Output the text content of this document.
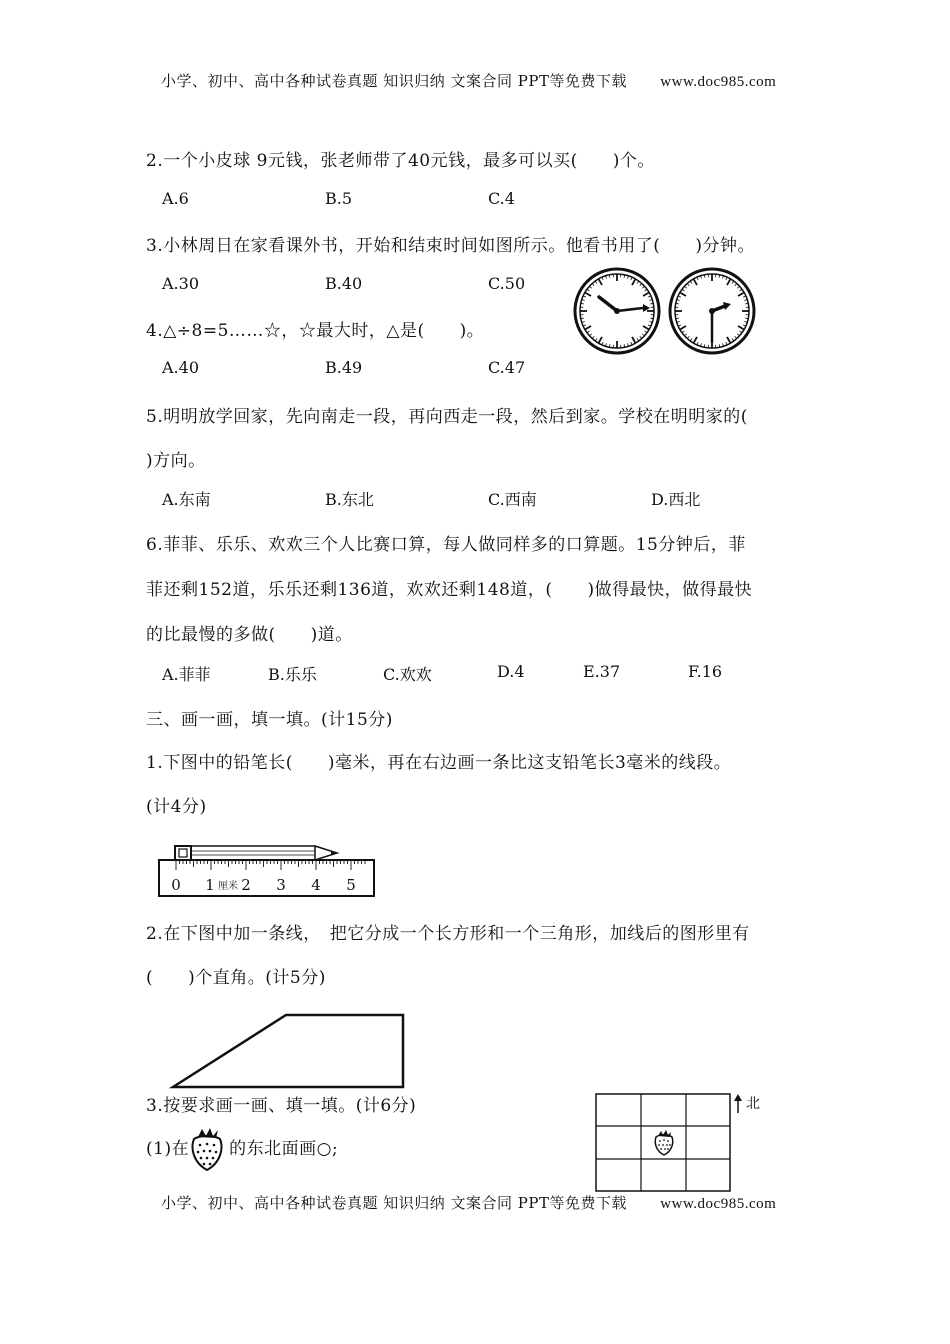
小学、初中、高中各种试卷真题 知识归纳 文案合同 PPT等免费下载 www.doc985.com
2.一个小皮球 9元钱，张老师带了40元钱，最多可以买(　　)个。
A.6	B.5	C.4
3.小林周日在家看课外书，开始和结束时间如图所示。他看书用了(　　)分钟。
A.30	B.40	C.50
4.△÷8=5……☆，☆最大时，△是(　　)。
A.40	B.49	C.47
5.明明放学回家，先向南走一段，再向西走一段，然后到家。学校在明明家的(
)方向。
A.东南	B.东北	C.西南	D.西北
6.菲菲、乐乐、欢欢三个人比赛口算，每人做同样多的口算题。15分钟后，菲
菲还剩152道，乐乐还剩136道，欢欢还剩148道，(　　)做得最快，做得最快
的比最慢的多做(　　)道。
A.菲菲	B.乐乐	C.欢欢	D.4	E.37	F.16
三、画一画，填一填。(计15分)
1.下图中的铅笔长(　　)毫米，再在右边画一条比这支铅笔长3毫米的线段。
(计4分)
0 1 厘米 2 3 4 5
2.在下图中加一条线，　把它分成一个长方形和一个三角形，加线后的图形里有
(　　)个直角。(计5分)
3.按要求画一画、填一填。(计6分)
(1)在 的东北面画○;
北
小学、初中、高中各种试卷真题 知识归纳 文案合同 PPT等免费下载 www.doc985.com
